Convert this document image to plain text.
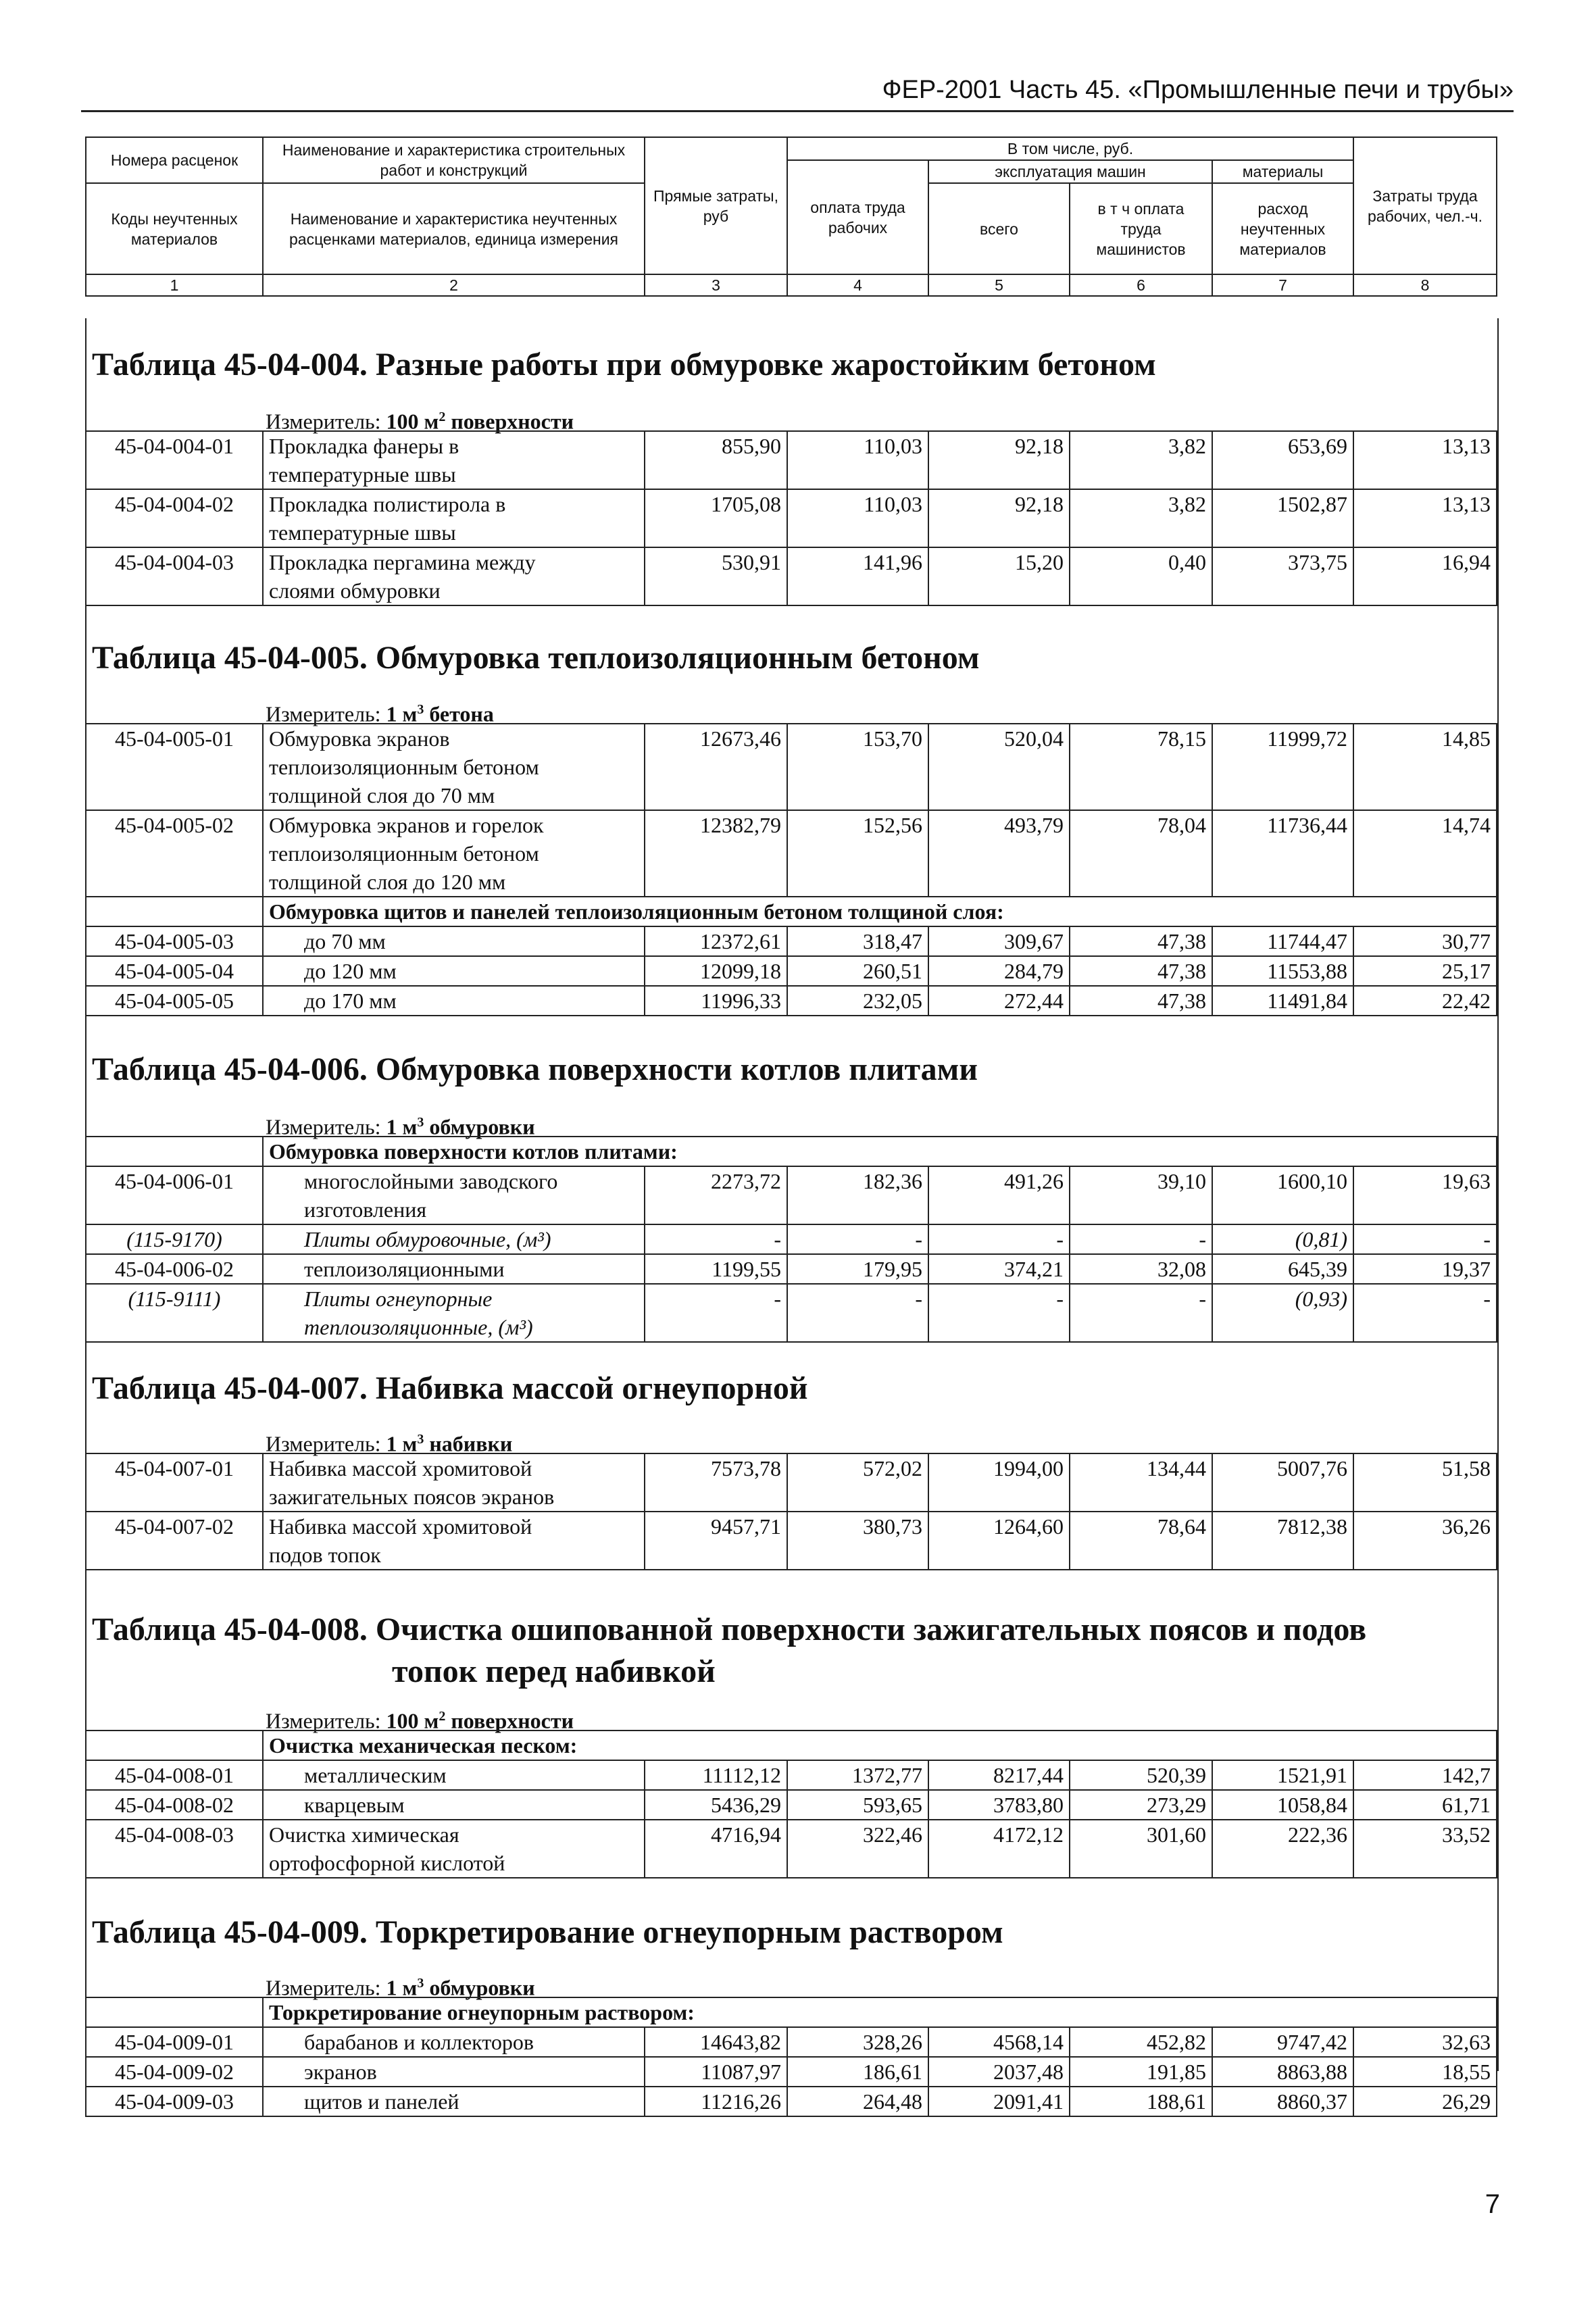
ФЕР-2001 Часть 45. «Промышленные печи и трубы»
Номера расценок	Наименование и характеристика строительных работ и конструкций	Прямые затраты, руб	В том числе, руб.				Затраты труда рабочих, чел.-ч.
			оплата труда рабочих	эксплуатация машин		материалы	
Коды неучтенных материалов	Наименование и характеристика неучтенных расценками материалов, единица измерения			всего	в т ч оплата труда машинистов	расход неучтенных материалов	

1	2	3	4	5	6	7	8
Таблица 45-04-004. Разные работы при обмуровке жаростойким бетоном
Измеритель: 100 $м^2$ поверхности
45-04-004-01	Прокладка фанеры в
температурные швы	855,90	110,03	92,18	3,82	653,69	13,13
45-04-004-02	Прокладка полистирола в
температурные швы	1705,08	110,03	92,18	3,82	1502,87	13,13
45-04-004-03	Прокладка пергамина между
слоями обмуровки	530,91	141,96	15,20	0,40	373,75	16,94
Таблица 45-04-005. Обмуровка теплоизоляционным бетоном
Измеритель: 1 $м^3$ бетона
45-04-005-01	Обмуровка экранов
теплоизоляционным бетоном
толщиной слоя до 70 мм	12673,46	153,70	520,04	78,15	11999,72	14,85
45-04-005-02	Обмуровка экранов и горелок
теплоизоляционным бетоном
толщиной слоя до 120 мм	12382,79	152,56	493,79	78,04	11736,44	14,74
	Обмуровка щитов и панелей теплоизоляционным бетоном толщиной слоя:						
45-04-005-03	до 70 мм	12372,61	318,47	309,67	47,38	11744,47	30,77
45-04-005-04	до 120 мм	12099,18	260,51	284,79	47,38	11553,88	25,17
45-04-005-05	до 170 мм	11996,33	232,05	272,44	47,38	11491,84	22,42
Таблица 45-04-006. Обмуровка поверхности котлов плитами
Измеритель: 1 $м^3$ обмуровки
	Обмуровка поверхности котлов плитами:						
45-04-006-01	многослойными заводского
изготовления	2273,72	182,36	491,26	39,10	1600,10	19,63
(115-9170)	Плиты обмуровочные, (м³)	-	-	-	-	(0,81)	-
45-04-006-02	теплоизоляционными	1199,55	179,95	374,21	32,08	645,39	19,37
(115-9111)	Плиты огнеупорные
теплоизоляционные, (м³)	-	-	-	-	(0,93)	-
Таблица 45-04-007. Набивка массой огнеупорной
Измеритель: 1 $м^3$ набивки
45-04-007-01	Набивка массой хромитовой
зажигательных поясов экранов	7573,78	572,02	1994,00	134,44	5007,76	51,58
45-04-007-02	Набивка массой хромитовой
подов топок	9457,71	380,73	1264,60	78,64	7812,38	36,26
Таблица 45-04-008. Очистка ошипованной поверхности зажигательных поясов и подов
топок перед набивкой
Измеритель: 100 $м^2$ поверхности
	Очистка механическая песком:						
45-04-008-01	металлическим	11112,12	1372,77	8217,44	520,39	1521,91	142,7
45-04-008-02	кварцевым	5436,29	593,65	3783,80	273,29	1058,84	61,71
45-04-008-03	Очистка химическая
ортофосфорной кислотой	4716,94	322,46	4172,12	301,60	222,36	33,52
Таблица 45-04-009. Торкретирование огнеупорным раствором
Измеритель: 1 $м^3$ обмуровки
	Торкретирование огнеупорным раствором:						
45-04-009-01	барабанов и коллекторов	14643,82	328,26	4568,14	452,82	9747,42	32,63
45-04-009-02	экранов	11087,97	186,61	2037,48	191,85	8863,88	18,55
45-04-009-03	щитов и панелей	11216,26	264,48	2091,41	188,61	8860,37	26,29
7
